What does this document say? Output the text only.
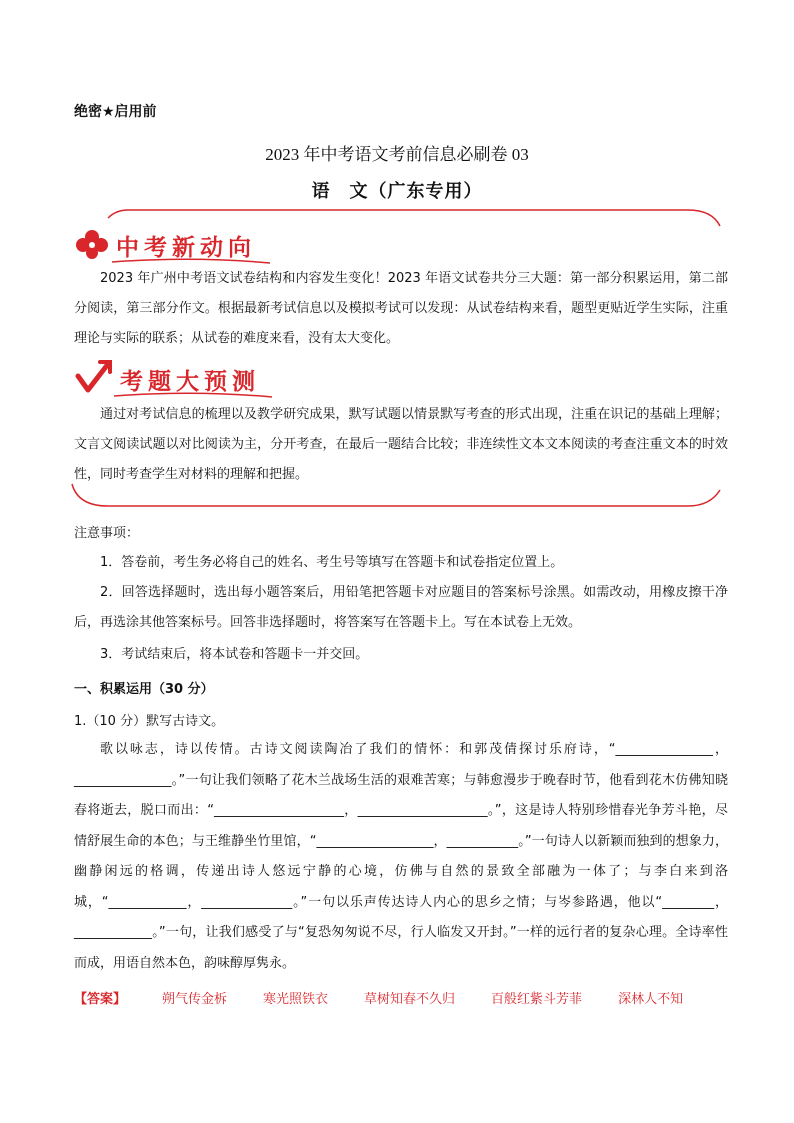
绝密★启用前
2023 年中考语文考前信息必刷卷 03
语　文（广东专用）
中考新动向
2023 年广州中考语文试卷结构和内容发生变化！2023 年语文试卷共分三大题：第一部分积累运用，第二部分阅读，第三部分作文。根据最新考试信息以及模拟考试可以发现：从试卷结构来看，题型更贴近学生实际，注重理论与实际的联系；从试卷的难度来看，没有太大变化。
考题大预测
通过对考试信息的梳理以及教学研究成果，默写试题以情景默写考查的形式出现，注重在识记的基础上理解；文言文阅读试题以对比阅读为主，分开考查，在最后一题结合比较；非连续性文本文本阅读的考查注重文本的时效性，同时考查学生对材料的理解和把握。
注意事项：
1．答卷前，考生务必将自己的姓名、考生号等填写在答题卡和试卷指定位置上。
2．回答选择题时，选出每小题答案后，用铅笔把答题卡对应题目的答案标号涂黑。如需改动，用橡皮擦干净后，再选涂其他答案标号。回答非选择题时，将答案写在答题卡上。写在本试卷上无效。
3．考试结束后，将本试卷和答题卡一并交回。
一、积累运用（30 分）
1.（10 分）默写古诗文。
歌以咏志，诗以传情。古诗文阅读陶冶了我们的情怀：和郭茂倩探讨乐府诗，“_______________，_______________。”一句让我们领略了花木兰战场生活的艰难苦寒；与韩愈漫步于晚春时节，他看到花木仿佛知晓春将逝去，脱口而出：“____________________，____________________。”，这是诗人特别珍惜春光争芳斗艳，尽情舒展生命的本色；与王维静坐竹里馆，“__________________，___________。”一句诗人以新颖而独到的想象力，幽静闲远的格调，传递出诗人悠远宁静的心境，仿佛与自然的景致全部融为一体了；与李白来到洛城，“____________，______________。”一句以乐声传达诗人内心的思乡之情；与岑参路遇，他以“________，____________。”一句，让我们感受了与“复恐匆匆说不尽，行人临发又开封。”一样的远行者的复杂心理。全诗率性而成，用语自然本色，韵味醇厚隽永。
【答案】	朔气传金柝	寒光照铁衣	草树知春不久归	百般红紫斗芳菲	深林人不知
